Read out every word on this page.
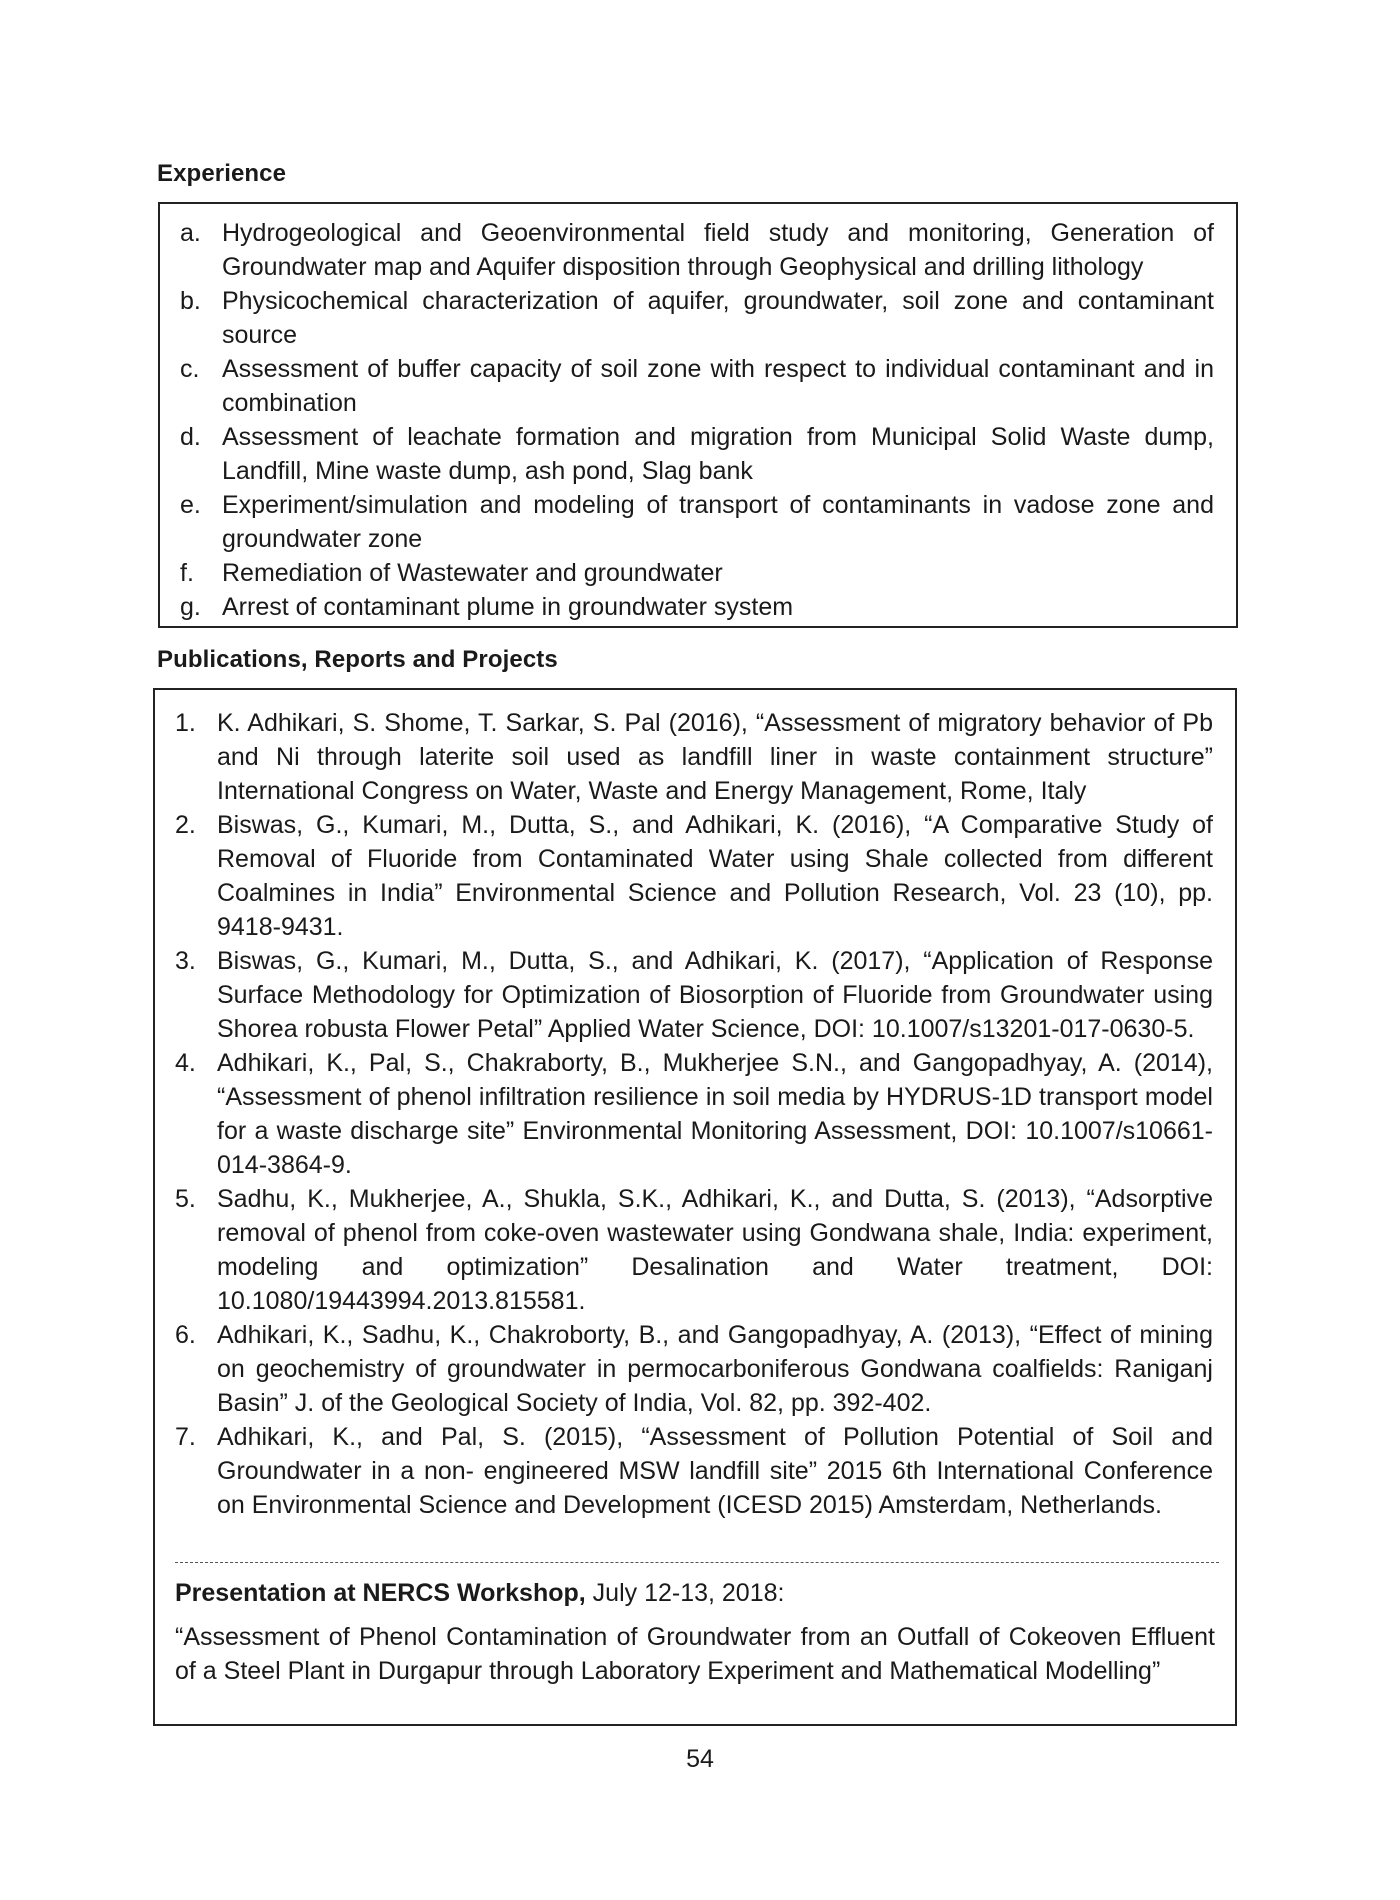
Experience
a. Hydrogeological and Geoenvironmental field study and monitoring, Generation of Groundwater map and Aquifer disposition through Geophysical and drilling lithology
b. Physicochemical characterization of aquifer, groundwater, soil zone and contaminant source
c. Assessment of buffer capacity of soil zone with respect to individual contaminant and in combination
d. Assessment of leachate formation and migration from Municipal Solid Waste dump, Landfill, Mine waste dump, ash pond, Slag bank
e. Experiment/simulation and modeling of transport of contaminants in vadose zone and groundwater zone
f.	Remediation of Wastewater and groundwater
g. Arrest of contaminant plume in groundwater system
Publications, Reports and Projects
1. K. Adhikari, S. Shome, T. Sarkar, S. Pal (2016), “Assessment of migratory behavior of Pb and Ni through laterite soil used as landfill liner in waste containment structure” International Congress on Water, Waste and Energy Management, Rome, Italy
2. Biswas, G., Kumari, M., Dutta, S., and Adhikari, K. (2016), “A Comparative Study of Removal of Fluoride from Contaminated Water using Shale collected from different Coalmines in India” Environmental Science and Pollution Research, Vol. 23 (10), pp. 9418-9431.
3. Biswas, G., Kumari, M., Dutta, S., and Adhikari, K. (2017), “Application of Response Surface Methodology for Optimization of Biosorption of Fluoride from Groundwater using Shorea robusta Flower Petal” Applied Water Science, DOI: 10.1007/s13201-017-0630-5.
4. Adhikari, K., Pal, S., Chakraborty, B., Mukherjee S.N., and Gangopadhyay, A. (2014), “Assessment of phenol infiltration resilience in soil media by HYDRUS-1D transport model for a waste discharge site” Environmental Monitoring Assessment, DOI: 10.1007/s10661-014-3864-9.
5. Sadhu, K., Mukherjee, A., Shukla, S.K., Adhikari, K., and Dutta, S. (2013), “Adsorptive removal of phenol from coke-oven wastewater using Gondwana shale, India: experiment, modeling and optimization” Desalination and Water treatment, DOI: 10.1080/19443994.2013.815581.
6. Adhikari, K., Sadhu, K., Chakroborty, B., and Gangopadhyay, A. (2013), “Effect of mining on geochemistry of groundwater in permocarboniferous Gondwana coalfields: Raniganj Basin” J. of the Geological Society of India, Vol. 82, pp. 392-402.
7. Adhikari, K., and Pal, S. (2015), “Assessment of Pollution Potential of Soil and Groundwater in a non- engineered MSW landfill site” 2015 6th International Conference on Environmental Science and Development (ICESD 2015) Amsterdam, Netherlands.
Presentation at NERCS Workshop, July 12-13, 2018:
“Assessment of Phenol Contamination of Groundwater from an Outfall of Cokeoven Effluent of a Steel Plant in Durgapur through Laboratory Experiment and Mathematical Modelling”
54
